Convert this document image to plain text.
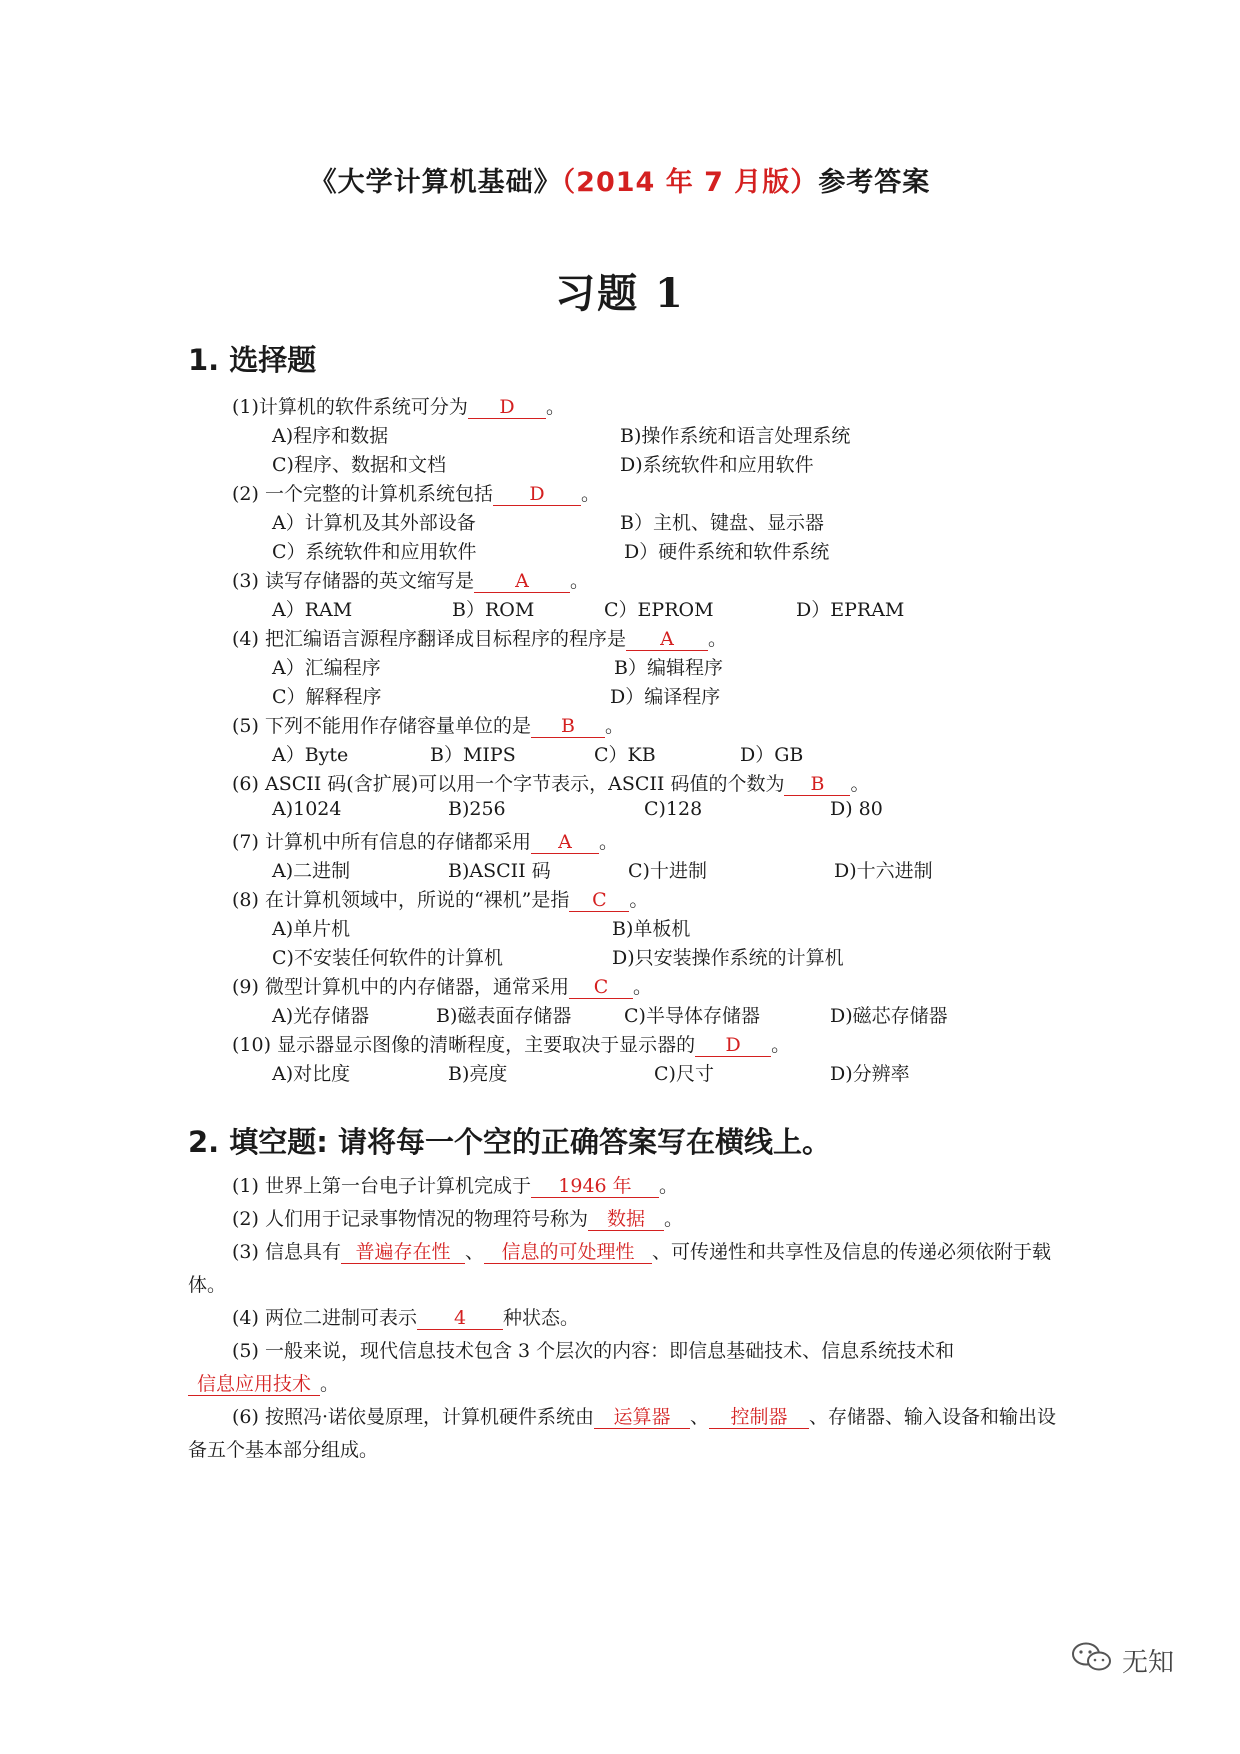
《大学计算机基础》（2014 年 7 月版）参考答案
习题 1
1. 选择题
(1)计算机的软件系统可分为 D 。
A)程序和数据	B)操作系统和语言处理系统
C)程序、数据和文档	D)系统软件和应用软件
(2) 一个完整的计算机系统包括 D 。
A）计算机及其外部设备	B）主机、键盘、显示器
C）系统软件和应用软件	D）硬件系统和软件系统
(3) 读写存储器的英文缩写是 A 。
A）RAM	B）ROM	C）EPROM	D）EPRAM
(4) 把汇编语言源程序翻译成目标程序的程序是 A 。
A）汇编程序	B）编辑程序
C）解释程序	D）编译程序
(5) 下列不能用作存储容量单位的是 B 。
A）Byte	B）MIPS	C）KB	D）GB
(6) ASCII 码(含扩展)可以用一个字节表示，ASCII 码值的个数为 B 。
A)1024	B)256	C)128	D) 80
(7) 计算机中所有信息的存储都采用 A 。
A)二进制	B)ASCII 码	C)十进制	D)十六进制
(8) 在计算机领域中，所说的“裸机”是指 C 。
A)单片机	B)单板机
C)不安装任何软件的计算机	D)只安装操作系统的计算机
(9) 微型计算机中的内存储器，通常采用 C 。
A)光存储器	B)磁表面存储器	C)半导体存储器	D)磁芯存储器
(10) 显示器显示图像的清晰程度，主要取决于显示器的 D 。
A)对比度	B)亮度	C)尺寸	D)分辨率
2. 填空题: 请将每一个空的正确答案写在横线上。
(1) 世界上第一台电子计算机完成于 1946 年 。
(2) 人们用于记录事物情况的物理符号称为 数据 。
(3) 信息具有 普遍存在性 、 信息的可处理性 、可传递性和共享性及信息的传递必须依附于载体。
(4) 两位二进制可表示 4 种状态。
(5) 一般来说，现代信息技术包含 3 个层次的内容：即信息基础技术、信息系统技术和信息应用技术 。
(6) 按照冯·诺依曼原理，计算机硬件系统由 运算器 、 控制器 、存储器、输入设备和输出设备五个基本部分组成。
无知
